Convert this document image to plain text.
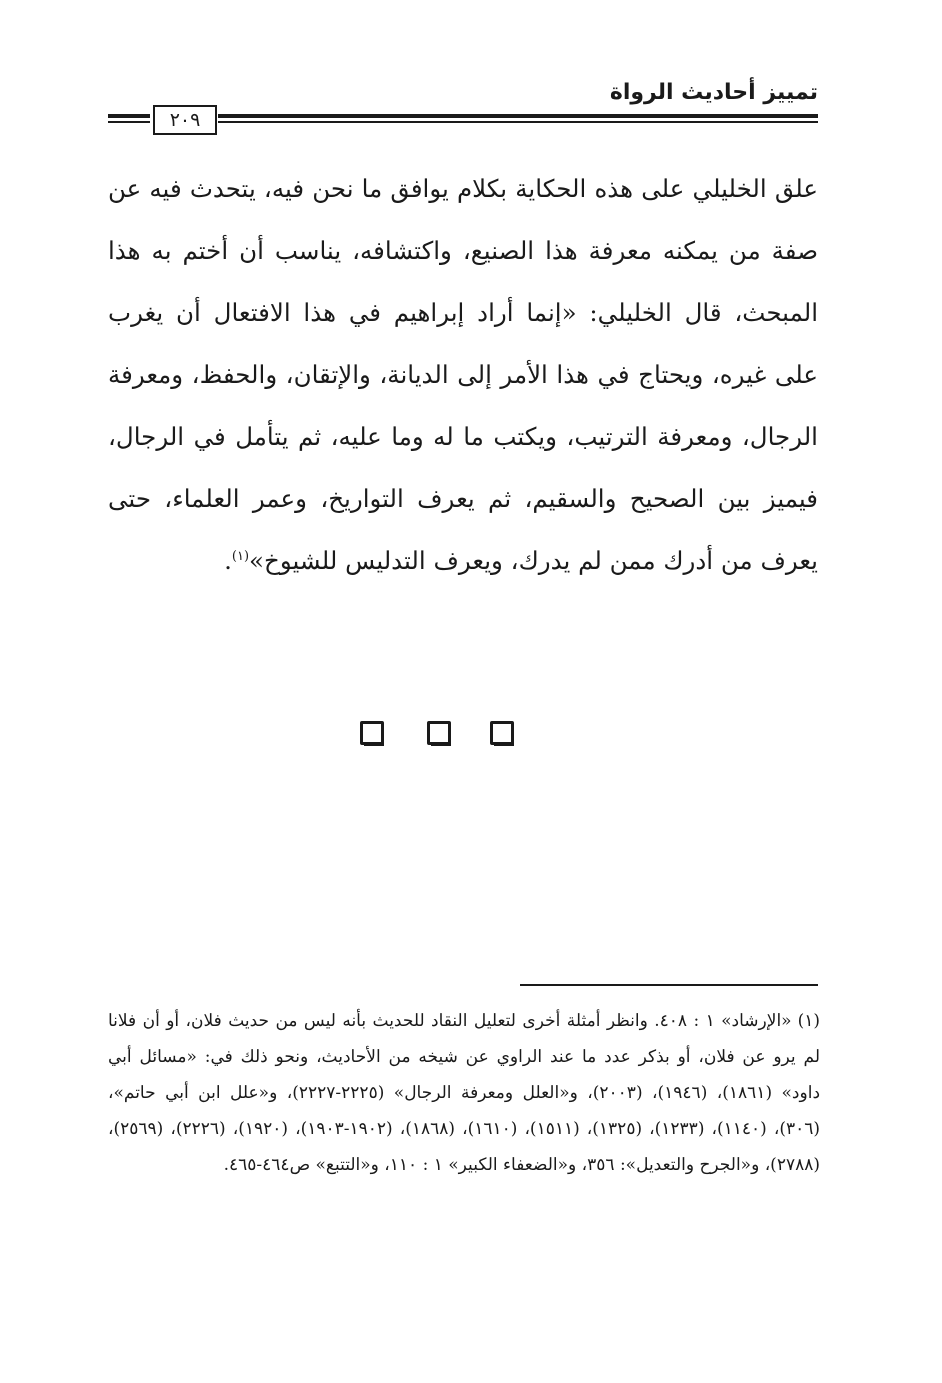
تمييز أحاديث الرواة
٢٠٩

علق الخليلي على هذه الحكاية بكلام يوافق ما نحن فيه، يتحدث فيه عن صفة من يمكنه معرفة هذا الصنيع، واكتشافه، يناسب أن أختم به هذا المبحث، قال الخليلي: «إنما أراد إبراهيم في هذا الافتعال أن يغرب على غيره، ويحتاج في هذا الأمر إلى الديانة، والإتقان، والحفظ، ومعرفة الرجال، ومعرفة الترتيب، ويكتب ما له وما عليه، ثم يتأمل في الرجال، فيميز بين الصحيح والسقيم، ثم يعرف التواريخ، وعمر العلماء، حتى يعرف من أدرك ممن لم يدرك، ويعرف التدليس للشيوخ»$^{(١)}$.

(١)«الإرشاد» ١ : ٤٠٨. وانظر أمثلة أخرى لتعليل النقاد للحديث بأنه ليس من حديث فلان، أو أن فلانا لم يرو عن فلان، أو بذكر عدد ما عند الراوي عن شيخه من الأحاديث، ونحو ذلك في: «مسائل أبي داود» (١٨٦١)، (١٩٤٦)، (٢٠٠٣)، و«العلل ومعرفة الرجال» (٢٢٢٥-٢٢٢٧)، و«علل ابن أبي حاتم»، (٣٠٦)، (١١٤٠)، (١٢٣٣)، (١٣٢٥)، (١٥١١)، (١٦١٠)، (١٨٦٨)، (١٩٠٢-١٩٠٣)، (١٩٢٠)، (٢٢٢٦)، (٢٥٦٩)، (٢٧٨٨)، و«الجرح والتعديل»: ٣٥٦، و«الضعفاء الكبير» ١ : ١١٠، و«التتبع» ص٤٦٤-٤٦٥.
